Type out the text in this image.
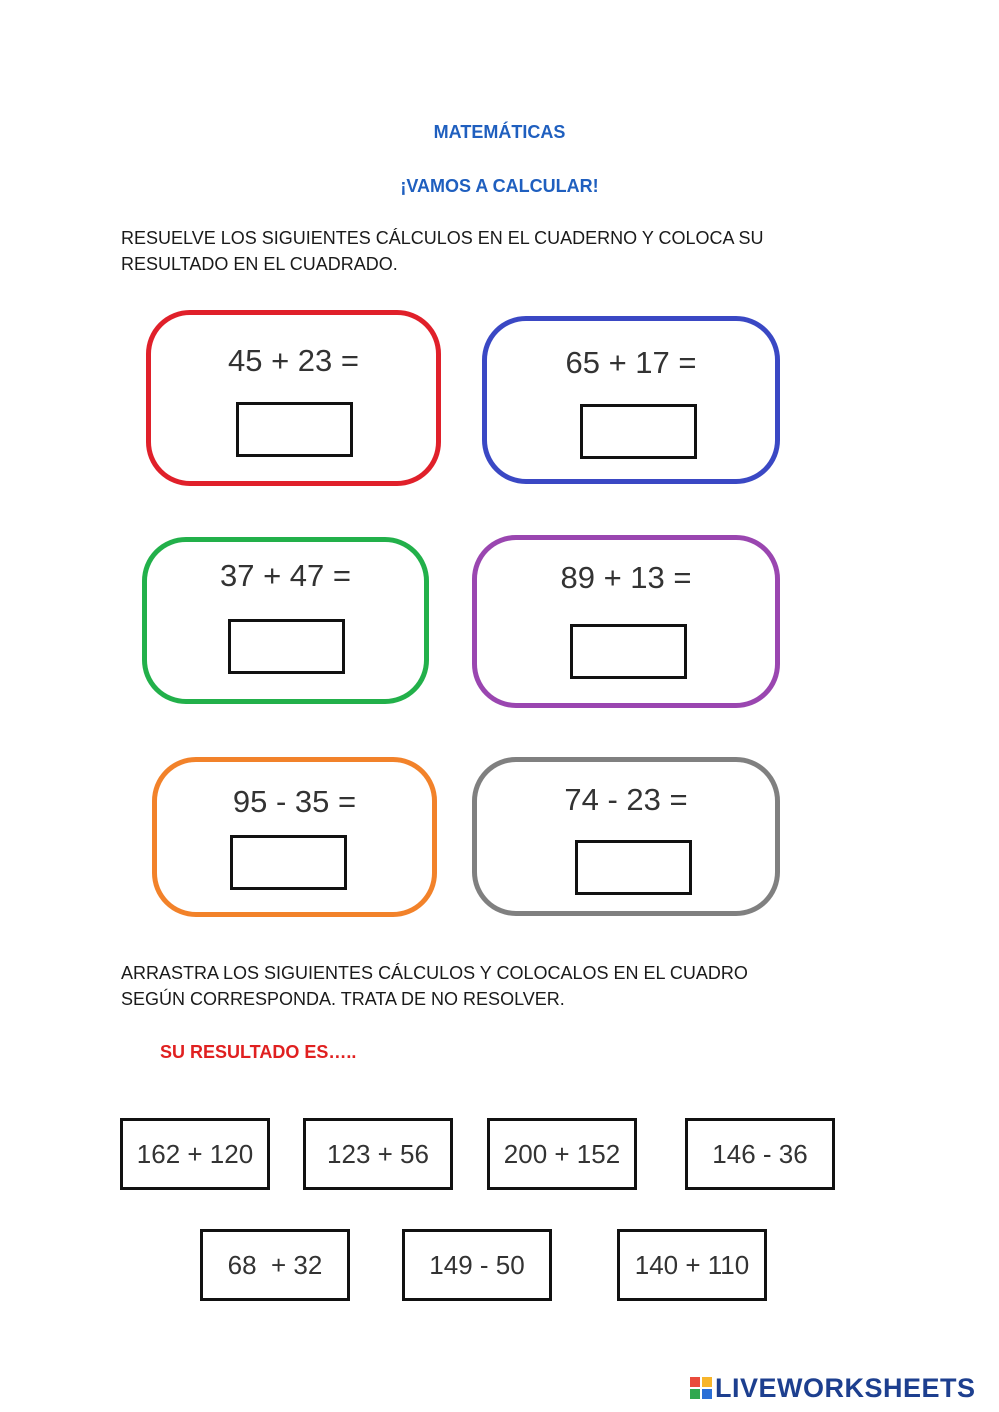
MATEMÁTICAS
¡VAMOS A CALCULAR!
RESUELVE LOS SIGUIENTES CÁLCULOS EN EL CUADERNO Y COLOCA SU
RESULTADO EN EL CUADRADO.
45 + 23 =	65 + 17 =
37 + 47 =	89 + 13 =
95 - 35 =	74 - 23 =
ARRASTRA LOS SIGUIENTES CÁLCULOS Y COLOCALOS EN EL CUADRO
SEGÚN CORRESPONDA. TRATA DE NO RESOLVER.
SU RESULTADO ES…..
162 + 120	123 + 56	200 + 152	146 - 36
68  + 32	149 - 50	140 + 110
LIVEWORKSHEETS
